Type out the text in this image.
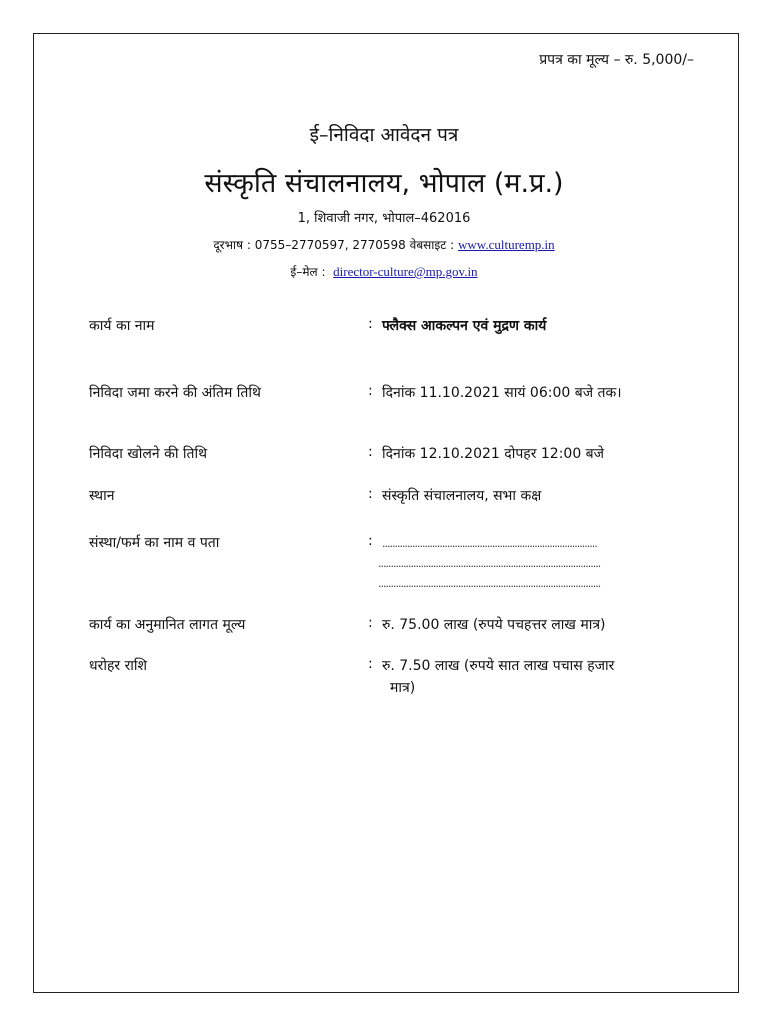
प्रपत्र का मूल्य – रु. 5,000/–
ई–निविदा आवेदन पत्र
संस्कृति संचालनालय, भोपाल (म.प्र.)
1, शिवाजी नगर, भोपाल–462016
दूरभाष : 0755–2770597, 2770598 वेबसाइट : www.culturemp.in
ई–मेल : director-culture@mp.gov.in
कार्य का नाम	: फ्लैक्स आकल्पन एवं मुद्रण कार्य
निविदा जमा करने की अंतिम तिथि	: दिनांक 11.10.2021 सायं 06:00 बजे तक।
निविदा खोलने की तिथि	: दिनांक 12.10.2021 दोपहर 12:00 बजे
स्थान	: संस्कृति संचालनालय, सभा कक्ष
संस्था/फर्म का नाम व पता	: ......................................................................................
.........................................................................................
.........................................................................................
कार्य का अनुमानित लागत मूल्य	: रु. 75.00 लाख (रुपये पचहत्तर लाख मात्र)
धरोहर राशि	: रु. 7.50 लाख (रुपये सात लाख पचास हजार
मात्र)
